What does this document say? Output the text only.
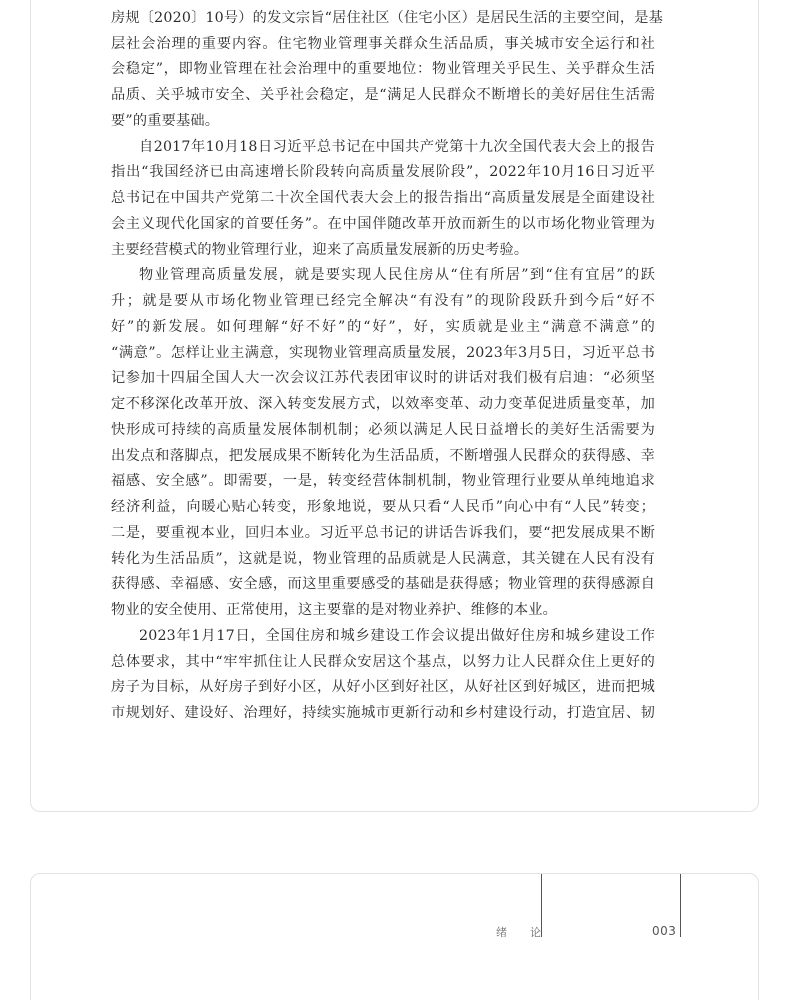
房规〔2020〕10号）的发文宗旨“居住社区（住宅小区）是居民生活的主要空间，是基
层社会治理的重要内容。住宅物业管理事关群众生活品质，事关城市安全运行和社
会稳定”，即物业管理在社会治理中的重要地位：物业管理关乎民生、关乎群众生活
品质、关乎城市安全、关乎社会稳定，是“满足人民群众不断增长的美好居住生活需
要”的重要基础。
自2017年10月18日习近平总书记在中国共产党第十九次全国代表大会上的报告
指出“我国经济已由高速增长阶段转向高质量发展阶段”，2022年10月16日习近平
总书记在中国共产党第二十次全国代表大会上的报告指出“高质量发展是全面建设社
会主义现代化国家的首要任务”。在中国伴随改革开放而新生的以市场化物业管理为
主要经营模式的物业管理行业，迎来了高质量发展新的历史考验。
物业管理高质量发展，就是要实现人民住房从“住有所居”到“住有宜居”的跃
升；就是要从市场化物业管理已经完全解决“有没有”的现阶段跃升到今后“好不
好”的新发展。如何理解“好不好”的“好”，好，实质就是业主“满意不满意”的
“满意”。怎样让业主满意，实现物业管理高质量发展，2023年3月5日，习近平总书
记参加十四届全国人大一次会议江苏代表团审议时的讲话对我们极有启迪：“必须坚
定不移深化改革开放、深入转变发展方式，以效率变革、动力变革促进质量变革，加
快形成可持续的高质量发展体制机制；必须以满足人民日益增长的美好生活需要为
出发点和落脚点，把发展成果不断转化为生活品质，不断增强人民群众的获得感、幸
福感、安全感”。即需要，一是，转变经营体制机制，物业管理行业要从单纯地追求
经济利益，向暖心贴心转变，形象地说，要从只看“人民币”向心中有“人民”转变；
二是，要重视本业，回归本业。习近平总书记的讲话告诉我们，要“把发展成果不断
转化为生活品质”，这就是说，物业管理的品质就是人民满意，其关键在人民有没有
获得感、幸福感、安全感，而这里重要感受的基础是获得感；物业管理的获得感源自
物业的安全使用、正常使用，这主要靠的是对物业养护、维修的本业。
2023年1月17日，全国住房和城乡建设工作会议提出做好住房和城乡建设工作
总体要求，其中“牢牢抓住让人民群众安居这个基点，以努力让人民群众住上更好的
房子为目标，从好房子到好小区，从好小区到好社区，从好社区到好城区，进而把城
市规划好、建设好、治理好，持续实施城市更新行动和乡村建设行动，打造宜居、韧
绪　论	003
